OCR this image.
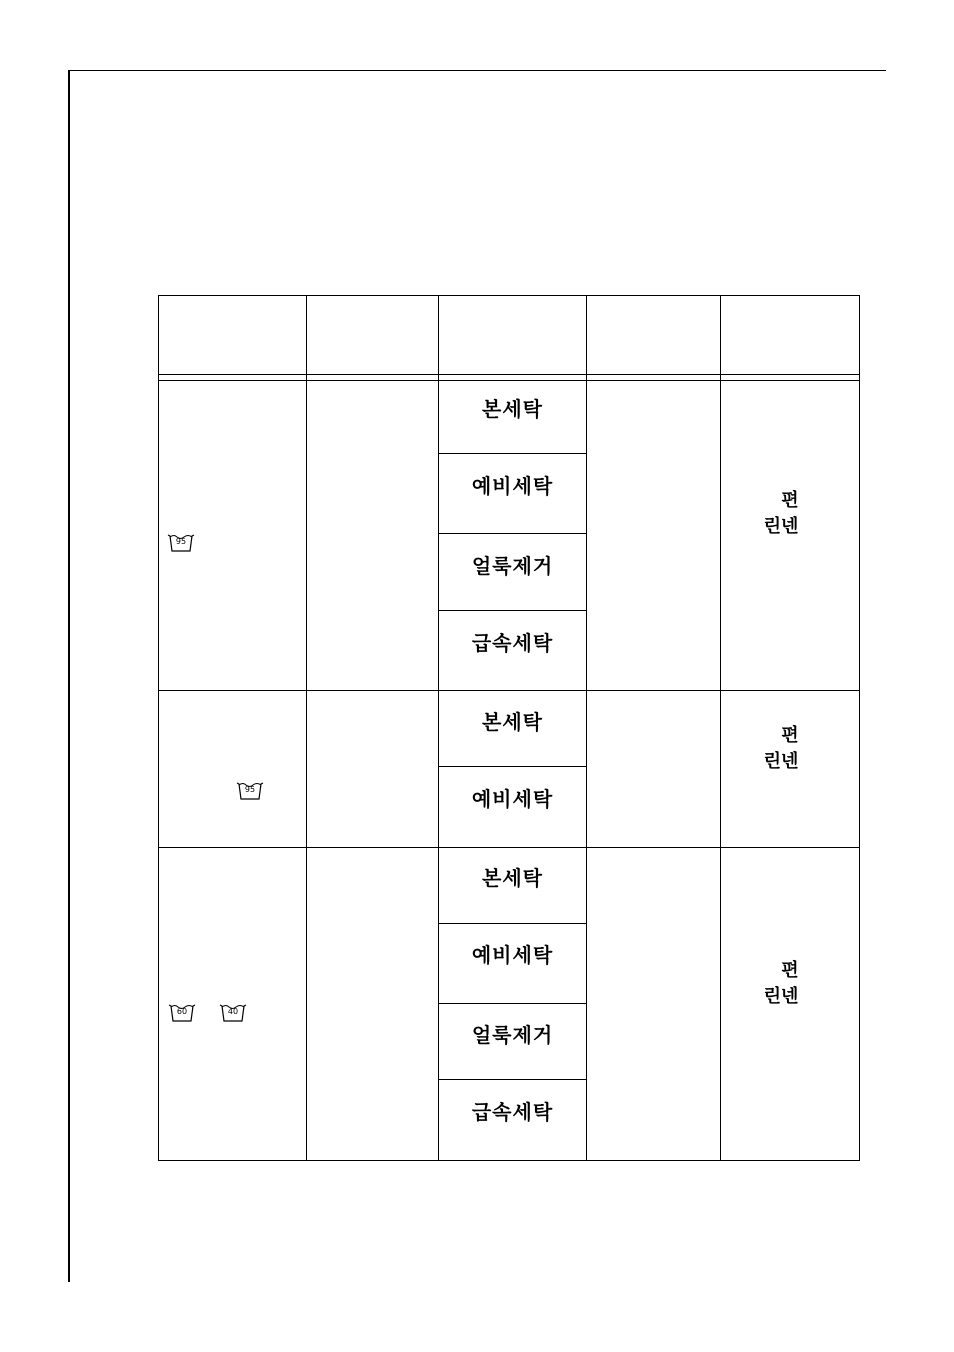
95
본세탁
예비세탁
얼룩제거
급속세탁
편
린넨
95
본세탁
예비세탁
편
린넨
60	40
본세탁
예비세탁
얼룩제거
급속세탁
편
린넨
